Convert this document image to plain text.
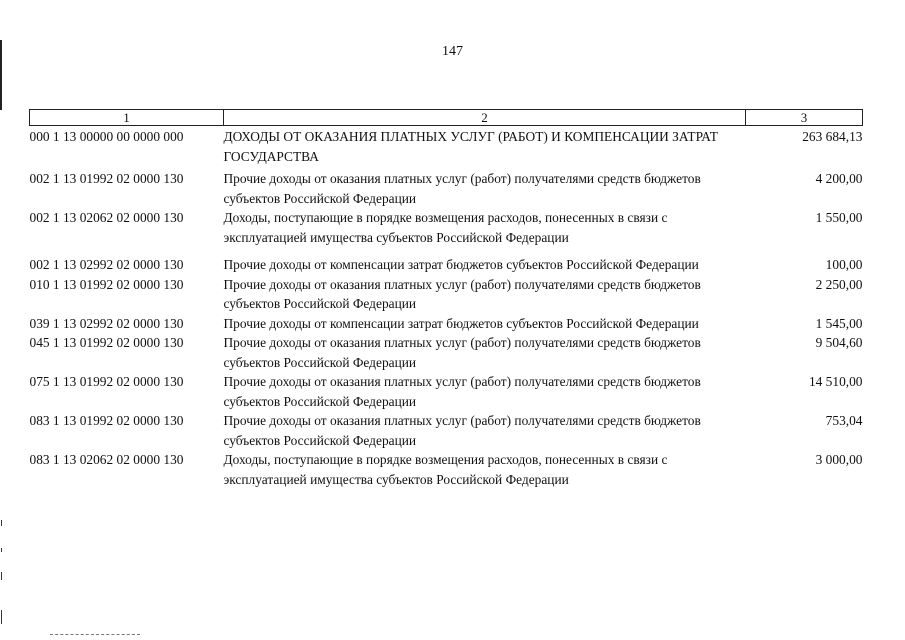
147
1	2	3
000 1 13 00000 00 0000 000	ДОХОДЫ ОТ ОКАЗАНИЯ ПЛАТНЫХ УСЛУГ (РАБОТ) И КОМПЕНСАЦИИ ЗАТРАТ ГОСУДАРСТВА	263 684,13
002 1 13 01992 02 0000 130	Прочие доходы от оказания платных услуг (работ) получателями средств бюджетов субъектов Российской Федерации	4 200,00
002 1 13 02062 02 0000 130	Доходы, поступающие в порядке возмещения расходов, понесенных в связи с эксплуатацией имущества субъектов Российской Федерации	1 550,00
002 1 13 02992 02 0000 130	Прочие доходы от компенсации затрат бюджетов субъектов Российской Федерации	100,00
010 1 13 01992 02 0000 130	Прочие доходы от оказания платных услуг (работ) получателями средств бюджетов субъектов Российской Федерации	2 250,00
039 1 13 02992 02 0000 130	Прочие доходы от компенсации затрат бюджетов субъектов Российской Федерации	1 545,00
045 1 13 01992 02 0000 130	Прочие доходы от оказания платных услуг (работ) получателями средств бюджетов субъектов Российской Федерации	9 504,60
075 1 13 01992 02 0000 130	Прочие доходы от оказания платных услуг (работ) получателями средств бюджетов субъектов Российской Федерации	14 510,00
083 1 13 01992 02 0000 130	Прочие доходы от оказания платных услуг (работ) получателями средств бюджетов субъектов Российской Федерации	753,04
083 1 13 02062 02 0000 130	Доходы, поступающие в порядке возмещения расходов, понесенных в связи с эксплуатацией имущества субъектов Российской Федерации	3 000,00
